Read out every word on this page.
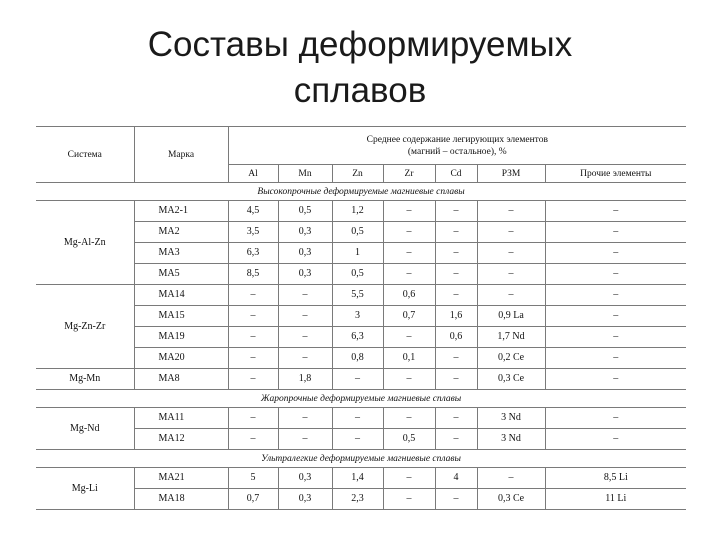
Составы деформируемых
сплавов
Система	Марка	Среднее содержание легирующих элементов
(магний – остальное), %						

		Al	Mn	Zn	Zr	Cd	РЗМ	Прочие элементы
Высокопрочные деформируемые магниевые сплавы								
Mg-Al-Zn	MA2-1	4,5	0,5	1,2	–	–	–	–
	MA2	3,5	0,3	0,5	–	–	–	–
	MA3	6,3	0,3	1	–	–	–	–
	MA5	8,5	0,3	0,5	–	–	–	–
Mg-Zn-Zr	MA14	–	–	5,5	0,6	–	–	–
	MA15	–	–	3	0,7	1,6	0,9 La	–
	MA19	–	–	6,3	–	0,6	1,7 Nd	–
	MA20	–	–	0,8	0,1	–	0,2 Ce	–
Mg-Mn	MA8	–	1,8	–	–	–	0,3 Ce	–
Жаропрочные деформируемые магниевые сплавы								
Mg-Nd	MA11	–	–	–	–	–	3 Nd	–
	MA12	–	–	–	0,5	–	3 Nd	–
Ультралегкие деформируемые магниевые сплавы								
Mg-Li	MA21	5	0,3	1,4	–	4	–	8,5 Li
	MA18	0,7	0,3	2,3	–	–	0,3 Ce	11 Li
